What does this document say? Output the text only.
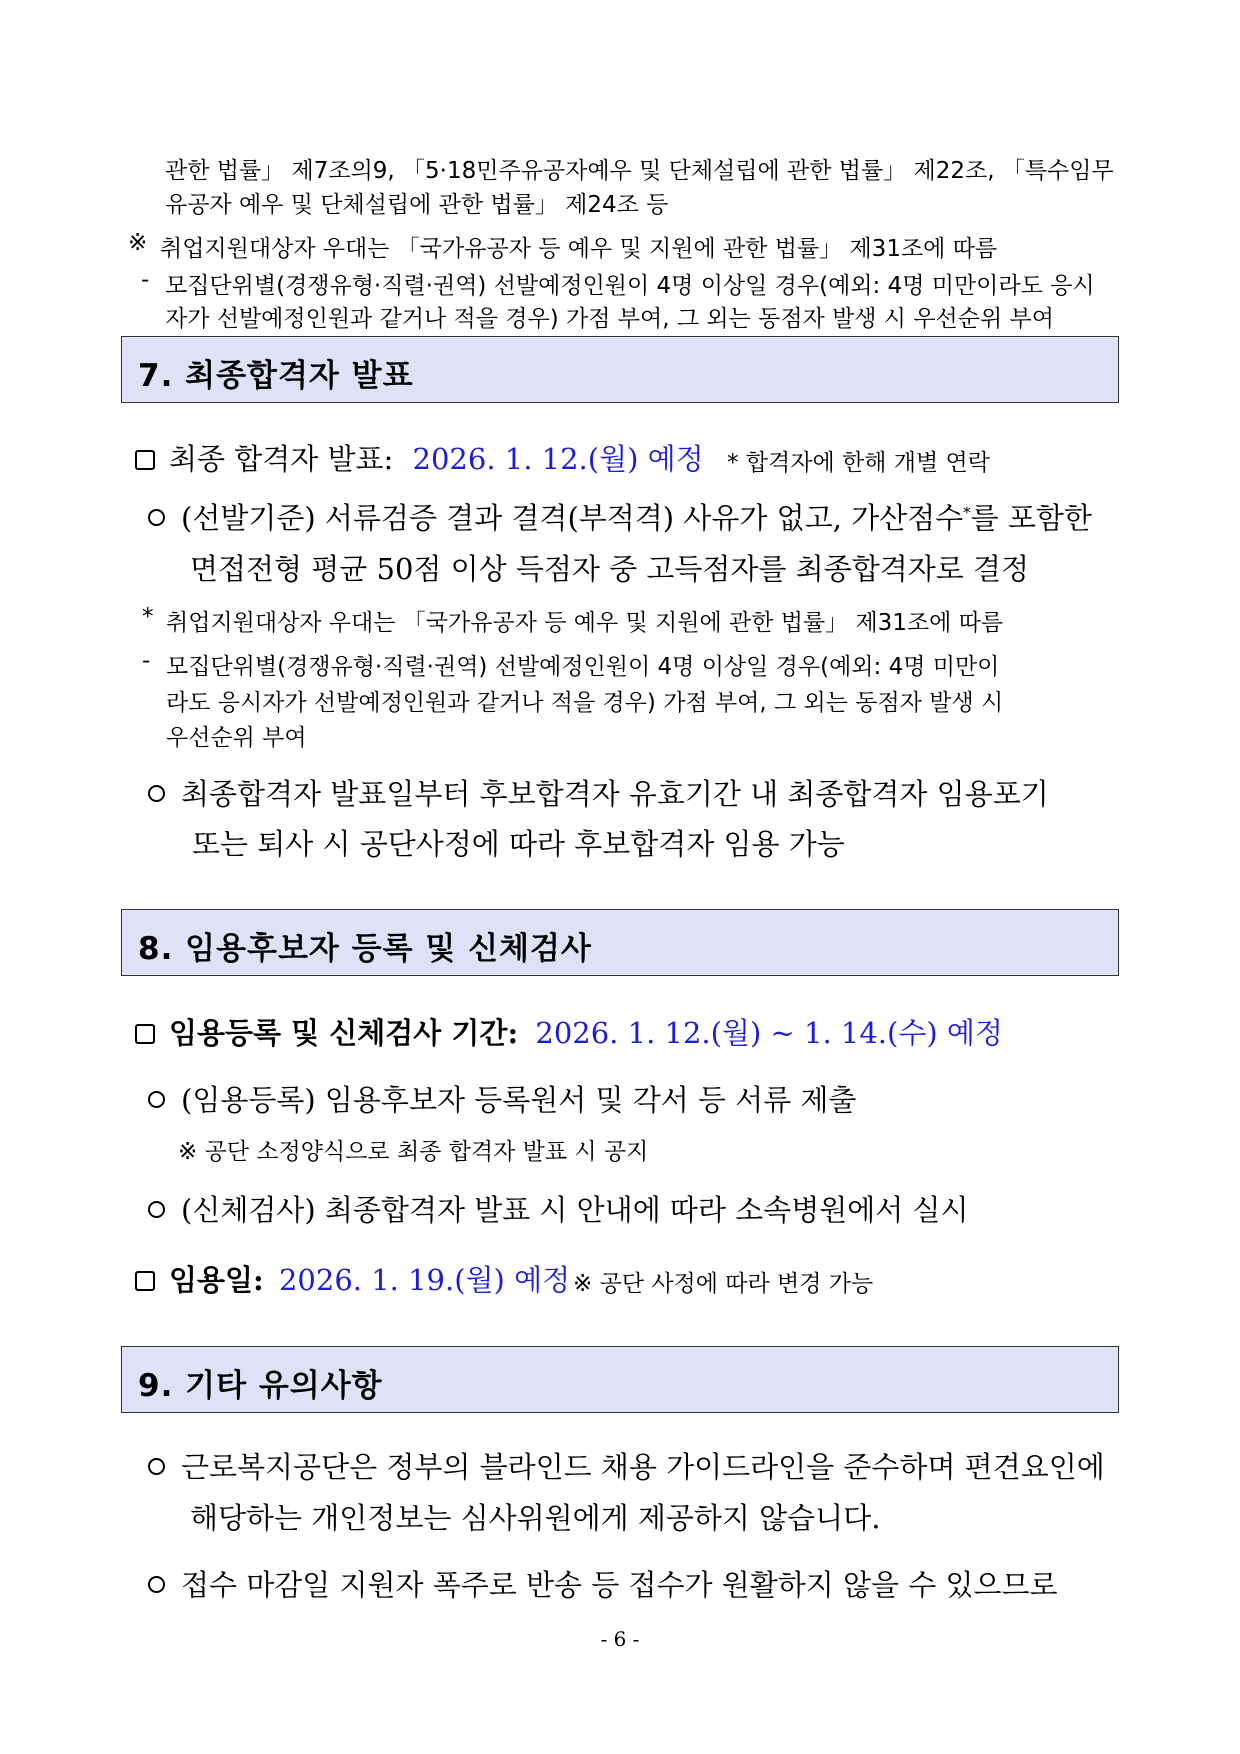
관한 법률」 제7조의9, 「5·18민주유공자예우 및 단체설립에 관한 법률」 제22조, 「특수임무
유공자 예우 및 단체설립에 관한 법률」 제24조 등
※ 취업지원대상자 우대는 「국가유공자 등 예우 및 지원에 관한 법률」 제31조에 따름
- 모집단위별(경쟁유형·직렬·권역) 선발예정인원이 4명 이상일 경우(예외: 4명 미만이라도 응시
자가 선발예정인원과 같거나 적을 경우) 가점 부여, 그 외는 동점자 발생 시 우선순위 부여
7. 최종합격자 발표
최종 합격자 발표: 2026. 1. 12.(월) 예정 * 합격자에 한해 개별 연락
(선발기준) 서류검증 결과 결격(부적격) 사유가 없고, 가산점수*를 포함한
면접전형 평균 50점 이상 득점자 중 고득점자를 최종합격자로 결정
* 취업지원대상자 우대는 「국가유공자 등 예우 및 지원에 관한 법률」 제31조에 따름
- 모집단위별(경쟁유형·직렬·권역) 선발예정인원이 4명 이상일 경우(예외: 4명 미만이
라도 응시자가 선발예정인원과 같거나 적을 경우) 가점 부여, 그 외는 동점자 발생 시
우선순위 부여
최종합격자 발표일부터 후보합격자 유효기간 내 최종합격자 임용포기
또는 퇴사 시 공단사정에 따라 후보합격자 임용 가능
8. 임용후보자 등록 및 신체검사
임용등록 및 신체검사 기간: 2026. 1. 12.(월) ~ 1. 14.(수) 예정
(임용등록) 임용후보자 등록원서 및 각서 등 서류 제출
※ 공단 소정양식으로 최종 합격자 발표 시 공지
(신체검사) 최종합격자 발표 시 안내에 따라 소속병원에서 실시
임용일: 2026. 1. 19.(월) 예정 ※ 공단 사정에 따라 변경 가능
9. 기타 유의사항
근로복지공단은 정부의 블라인드 채용 가이드라인을 준수하며 편견요인에
해당하는 개인정보는 심사위원에게 제공하지 않습니다.
접수 마감일 지원자 폭주로 반송 등 접수가 원활하지 않을 수 있으므로
- 6 -
